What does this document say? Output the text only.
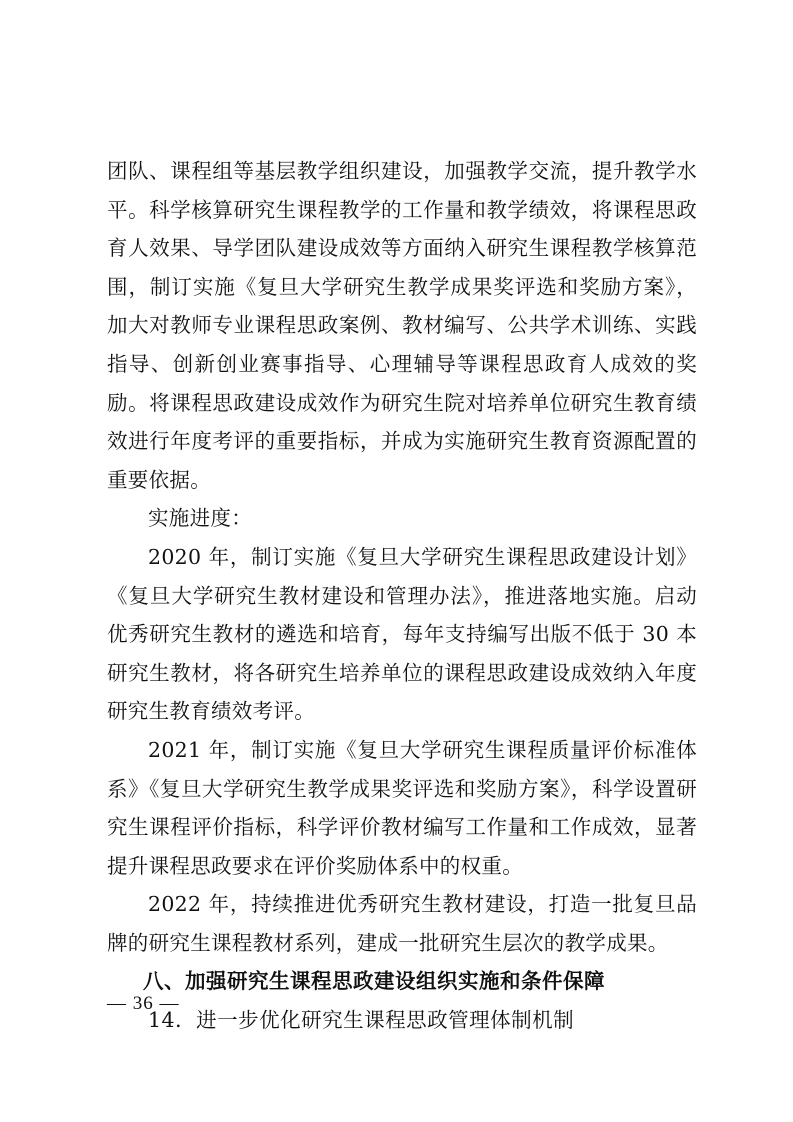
团队、课程组等基层教学组织建设，加强教学交流，提升教学水平。科学核算研究生课程教学的工作量和教学绩效，将课程思政育人效果、导学团队建设成效等方面纳入研究生课程教学核算范围，制订实施《复旦大学研究生教学成果奖评选和奖励方案》，加大对教师专业课程思政案例、教材编写、公共学术训练、实践指导、创新创业赛事指导、心理辅导等课程思政育人成效的奖励。将课程思政建设成效作为研究生院对培养单位研究生教育绩效进行年度考评的重要指标，并成为实施研究生教育资源配置的重要依据。

实施进度：

2020 年，制订实施《复旦大学研究生课程思政建设计划》《复旦大学研究生教材建设和管理办法》，推进落地实施。启动优秀研究生教材的遴选和培育，每年支持编写出版不低于 30 本研究生教材，将各研究生培养单位的课程思政建设成效纳入年度研究生教育绩效考评。

2021 年，制订实施《复旦大学研究生课程质量评价标准体系》《复旦大学研究生教学成果奖评选和奖励方案》，科学设置研究生课程评价指标，科学评价教材编写工作量和工作成效，显著提升课程思政要求在评价奖励体系中的权重。

2022 年，持续推进优秀研究生教材建设，打造一批复旦品牌的研究生课程教材系列，建成一批研究生层次的教学成果。

八、加强研究生课程思政建设组织实施和条件保障

14．进一步优化研究生课程思政管理体制机制

— 36 —
